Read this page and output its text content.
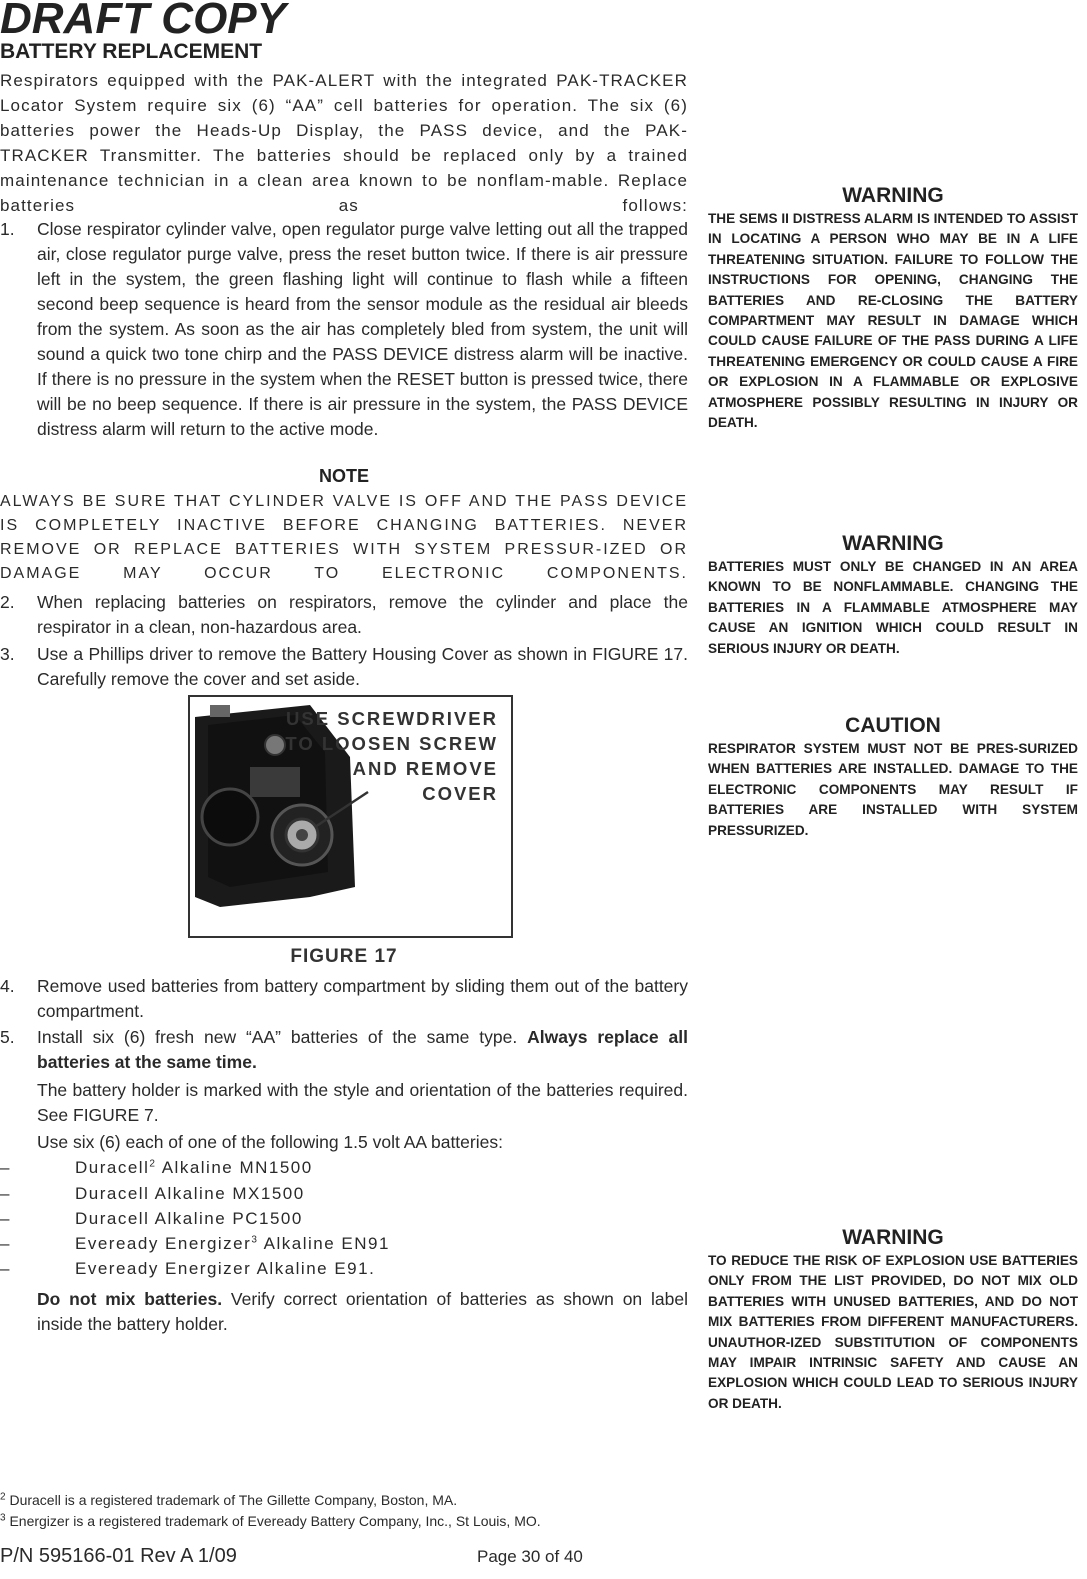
DRAFT COPY
BATTERY REPLACEMENT
Respirators equipped with the PAK-ALERT with the integrated PAK-TRACKER Locator System require six (6) “AA” cell batteries for operation. The six (6) batteries power the Heads-Up Display, the PASS device, and the PAK-TRACKER Transmitter. The batteries should be replaced only by a trained maintenance technician in a clean area known to be nonflam-mable. Replace batteries as follows:
1. Close respirator cylinder valve, open regulator purge valve letting out all the trapped air, close regulator purge valve, press the reset button twice. If there is air pressure left in the system, the green flashing light will continue to flash while a fifteen second beep sequence is heard from the sensor module as the residual air bleeds from the system. As soon as the air has completely bled from system, the unit will sound a quick two tone chirp and the PASS DEVICE distress alarm will be inactive. If there is no pressure in the system when the RESET button is pressed twice, there will be no beep sequence. If there is air pressure in the system, the PASS DEVICE distress alarm will return to the active mode.
NOTE
ALWAYS BE SURE THAT CYLINDER VALVE IS OFF AND THE PASS DEVICE IS COMPLETELY INACTIVE BEFORE CHANGING BATTERIES. NEVER REMOVE OR REPLACE BATTERIES WITH SYSTEM PRESSUR-IZED OR DAMAGE MAY OCCUR TO ELECTRONIC COMPONENTS.
2. When replacing batteries on respirators, remove the cylinder and place the respirator in a clean, non-hazardous area.
3. Use a Phillips driver to remove the Battery Housing Cover as shown in FIGURE 17. Carefully remove the cover and set aside.
USE SCREWDRIVER
TO LOOSEN SCREW
AND REMOVE
COVER
FIGURE 17
4. Remove used batteries from battery compartment by sliding them out of the battery compartment.
5. Install six (6) fresh new “AA” batteries of the same type. Always replace all batteries at the same time.
The battery holder is marked with the style and orientation of the batteries required. See FIGURE 7.
Use six (6) each of one of the following 1.5 volt AA batteries:
–	Duracell$^2$ Alkaline MN1500
–	Duracell Alkaline MX1500
–	Duracell Alkaline PC1500
–	Eveready Energizer$^3$ Alkaline EN91
–	Eveready Energizer Alkaline E91.
Do not mix batteries. Verify correct orientation of batteries as shown on label inside the battery holder.
WARNING
THE SEMS II DISTRESS ALARM IS INTENDED TO ASSIST IN LOCATING A PERSON WHO MAY BE IN A LIFE THREATENING SITUATION. FAILURE TO FOLLOW THE INSTRUCTIONS FOR OPENING, CHANGING THE BATTERIES AND RE-CLOSING THE BATTERY COMPARTMENT MAY RESULT IN DAMAGE WHICH COULD CAUSE FAILURE OF THE PASS DURING A LIFE THREATENING EMERGENCY OR COULD CAUSE A FIRE OR EXPLOSION IN A FLAMMABLE OR EXPLOSIVE ATMOSPHERE POSSIBLY RESULTING IN INJURY OR DEATH.
WARNING
BATTERIES MUST ONLY BE CHANGED IN AN AREA KNOWN TO BE NONFLAMMABLE. CHANGING THE BATTERIES IN A FLAMMABLE ATMOSPHERE MAY CAUSE AN IGNITION WHICH COULD RESULT IN SERIOUS INJURY OR DEATH.
CAUTION
RESPIRATOR SYSTEM MUST NOT BE PRES-SURIZED WHEN BATTERIES ARE INSTALLED. DAMAGE TO THE ELECTRONIC COMPONENTS MAY RESULT IF BATTERIES ARE INSTALLED WITH SYSTEM PRESSURIZED.
WARNING
TO REDUCE THE RISK OF EXPLOSION USE BATTERIES ONLY FROM THE LIST PROVIDED, DO NOT MIX OLD BATTERIES WITH UNUSED BATTERIES, AND DO NOT MIX BATTERIES FROM DIFFERENT MANUFACTURERS. UNAUTHOR-IZED SUBSTITUTION OF COMPONENTS MAY IMPAIR INTRINSIC SAFETY AND CAUSE AN EXPLOSION WHICH COULD LEAD TO SERIOUS INJURY OR DEATH.
$^2$ Duracell is a registered trademark of The Gillette Company, Boston, MA.
$^3$ Energizer is a registered trademark of Eveready Battery Company, Inc., St Louis, MO.
P/N 595166-01 Rev A 1/09	Page 30 of 40
